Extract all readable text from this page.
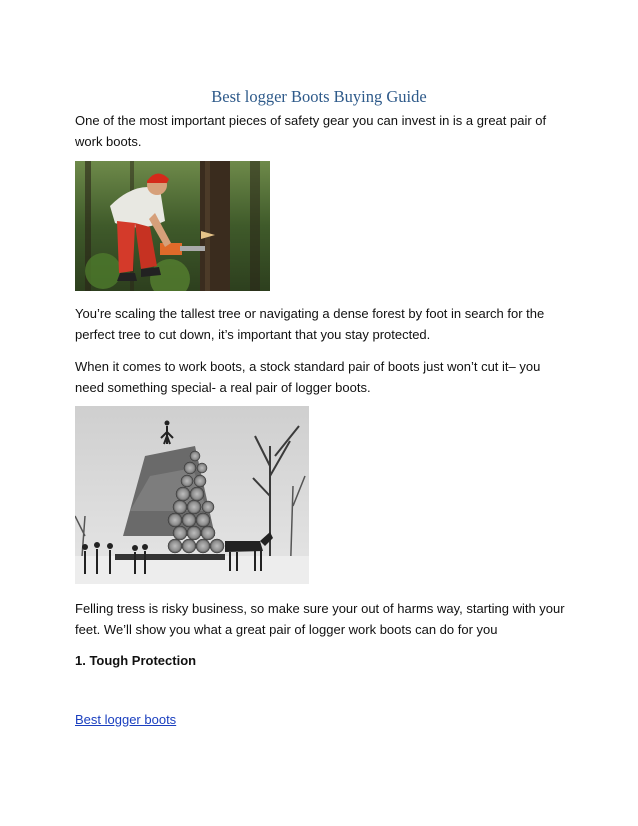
Best logger Boots Buying Guide

One of the most important pieces of safety gear you can invest in is a great pair of work boots.

You’re scaling the tallest tree or navigating a dense forest by foot in search for the perfect tree to cut down, it’s important that you stay protected.

When it comes to work boots, a stock standard pair of boots just won’t cut it– you need something special- a real pair of logger boots.

Felling tress is risky business, so make sure your out of harms way, starting with your feet. We’ll show you what a great pair of logger work boots can do for you

1. Tough Protection

Best logger boots
